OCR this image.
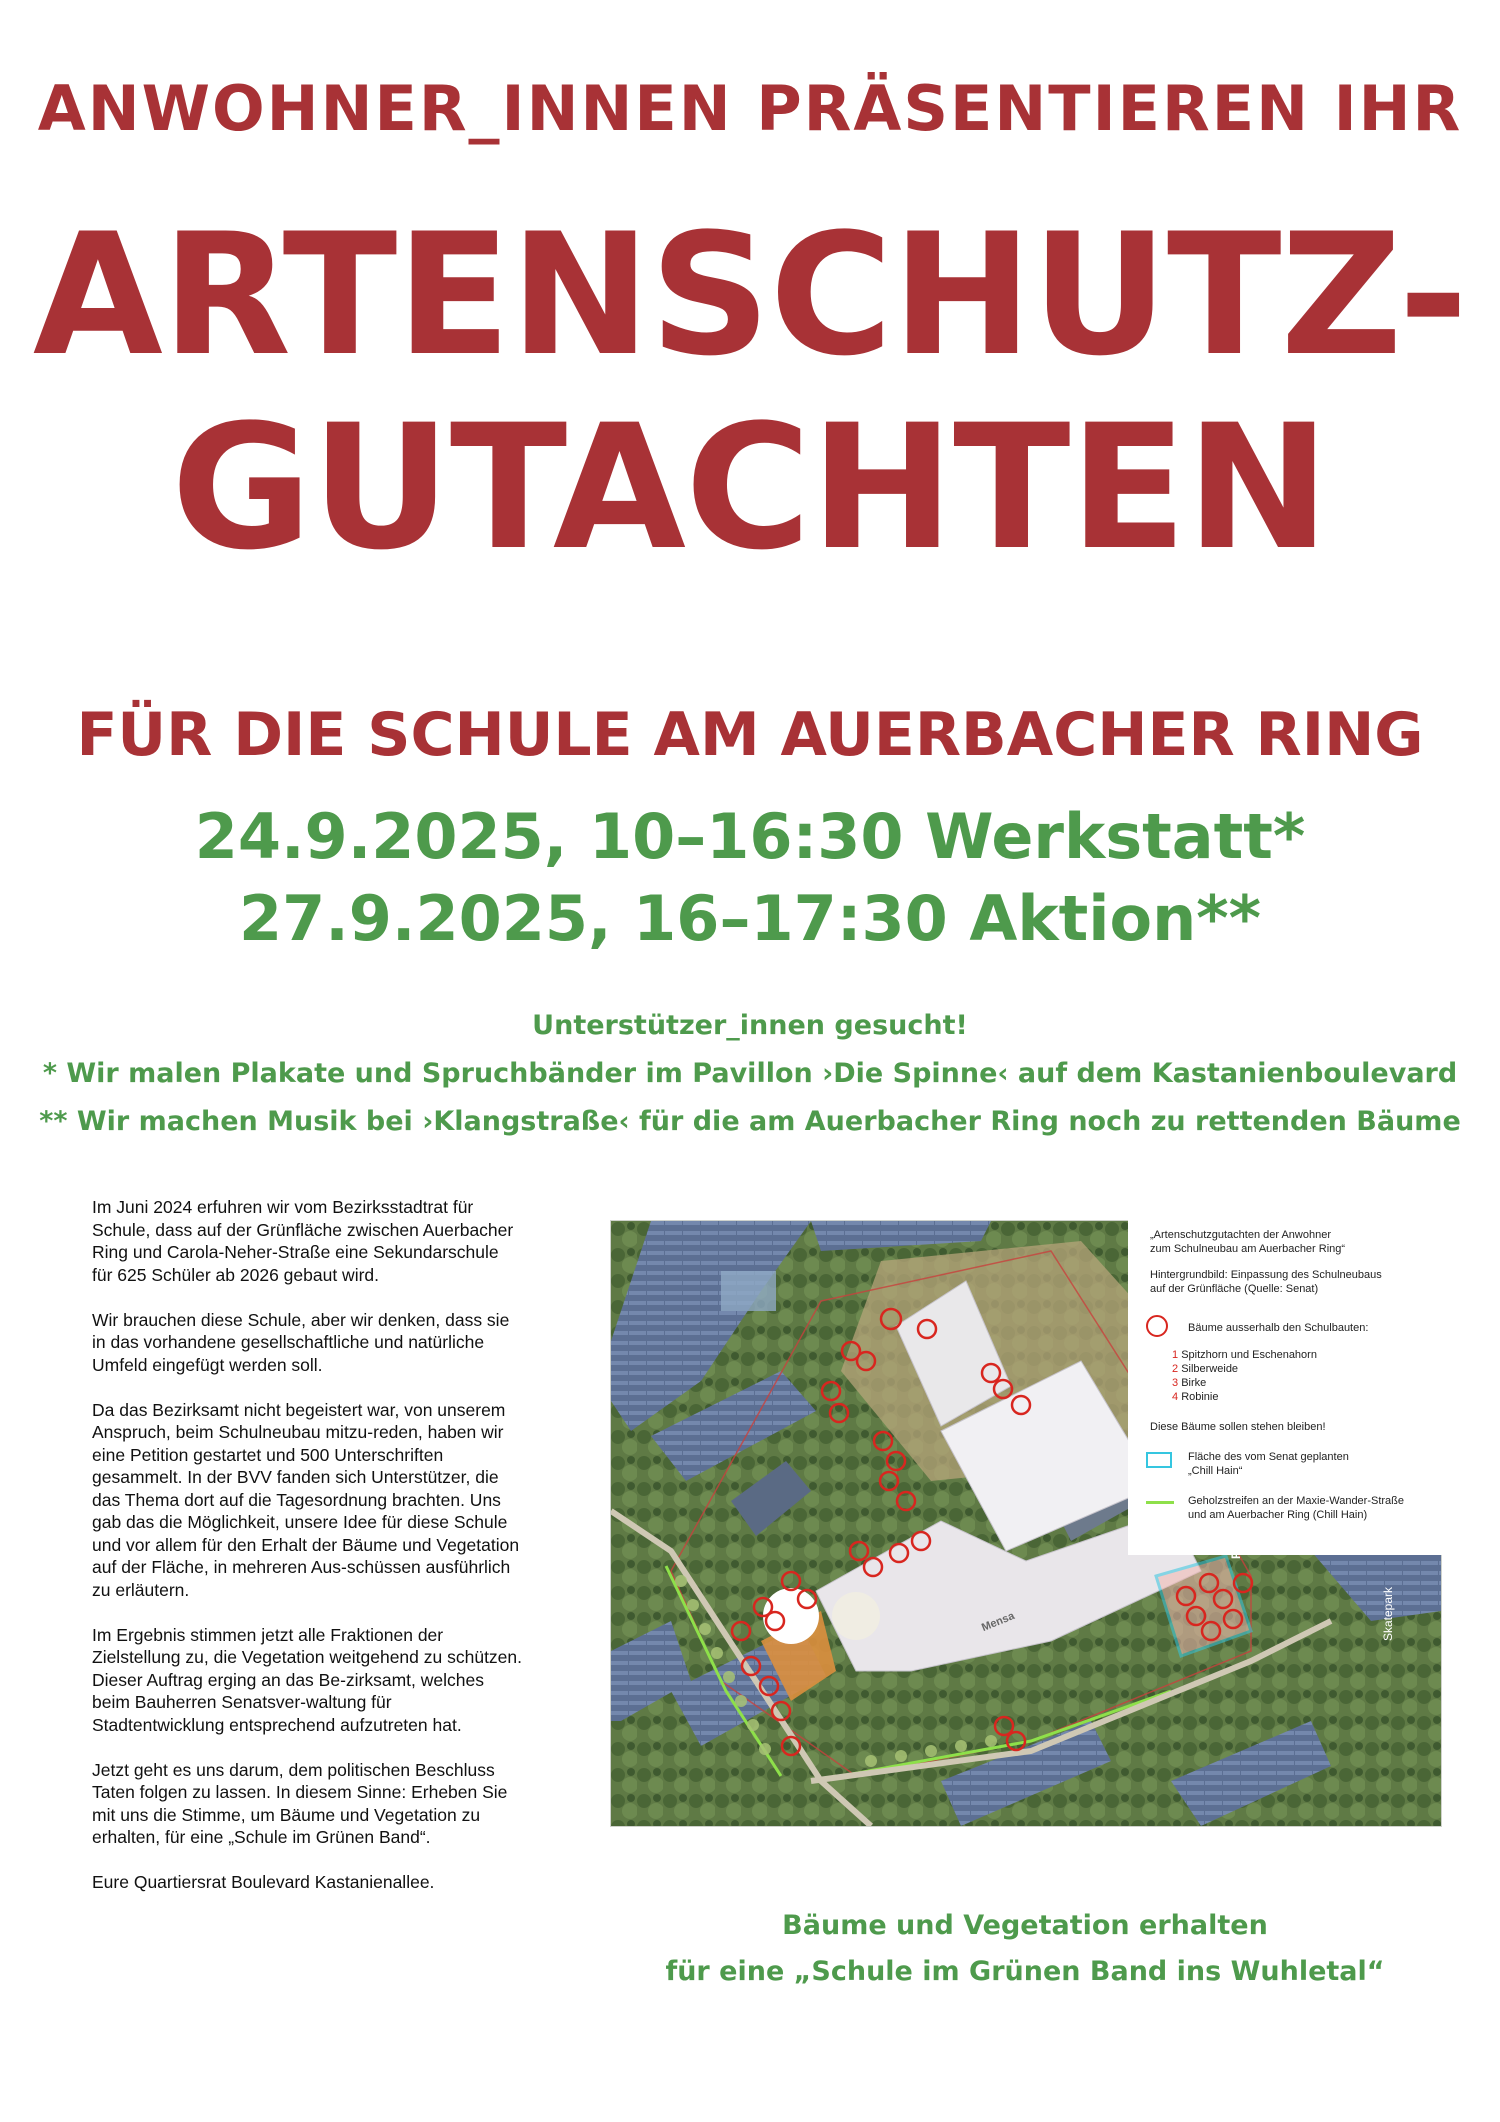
ANWOHNER_INNEN PRÄSENTIEREN IHR
ARTENSCHUTZ-
GUTACHTEN
FÜR DIE SCHULE AM AUERBACHER RING
24.9.2025, 10–16:30 Werkstatt*
27.9.2025, 16–17:30 Aktion**
Unterstützer_innen gesucht!
* Wir malen Plakate und Spruchbänder im Pavillon ›Die Spinne‹ auf dem Kastanienboulevard
** Wir machen Musik bei ›Klangstraße‹ für die am Auerbacher Ring noch zu rettenden Bäume

Im Juni 2024 erfuhren wir vom Bezirksstadtrat für Schule, dass auf der Grünfläche zwischen Auerbacher Ring und Carola-Neher-Straße eine Sekundarschule für 625 Schüler ab 2026 gebaut wird.

Wir brauchen diese Schule, aber wir denken, dass sie in das vorhandene gesellschaftliche und natürliche Umfeld eingefügt werden soll.

Da das Bezirksamt nicht begeistert war, von unserem Anspruch, beim Schulneubau mitzu-reden, haben wir eine Petition gestartet und 500 Unterschriften gesammelt. In der BVV fanden sich Unterstützer, die das Thema dort auf die Tagesordnung brachten. Uns gab das die Möglichkeit, unsere Idee für diese Schule und vor allem für den Erhalt der Bäume und Vegetation auf der Fläche, in mehreren Aus-schüssen ausführlich zu erläutern.

Im Ergebnis stimmen jetzt alle Fraktionen der Zielstellung zu, die Vegetation weitgehend zu schützen. Dieser Auftrag erging an das Be-zirksamt, welches beim Bauherren Senatsver-waltung für Stadtentwicklung entsprechend aufzutreten hat.

Jetzt geht es uns darum, dem politischen Beschluss Taten folgen zu lassen. In diesem Sinne: Erheben Sie mit uns die Stimme, um Bäume und Vegetation zu erhalten, für eine „Schule im Grünen Band“.

Eure Quartiersrat Boulevard Kastanienallee.

Mensa	Skatepark
„Artenschutzgutachten der Anwohner
zum Schulneubau am Auerbacher Ring“
Hintergrundbild: Einpassung des Schulneubaus
auf der Grünfläche (Quelle: Senat)
Bäume ausserhalb den Schulbauten:
1 Spitzhorn und Eschenahorn
2 Silberweide
3 Birke
4 Robinie
Diese Bäume sollen stehen bleiben!
Fläche des vom Senat geplanten
„Chill Hain“
Geholzstreifen an der Maxie-Wander-Straße
und am Auerbacher Ring (Chill Hain)
Bäume und Vegetation erhalten
für eine „Schule im Grünen Band ins Wuhletal“
